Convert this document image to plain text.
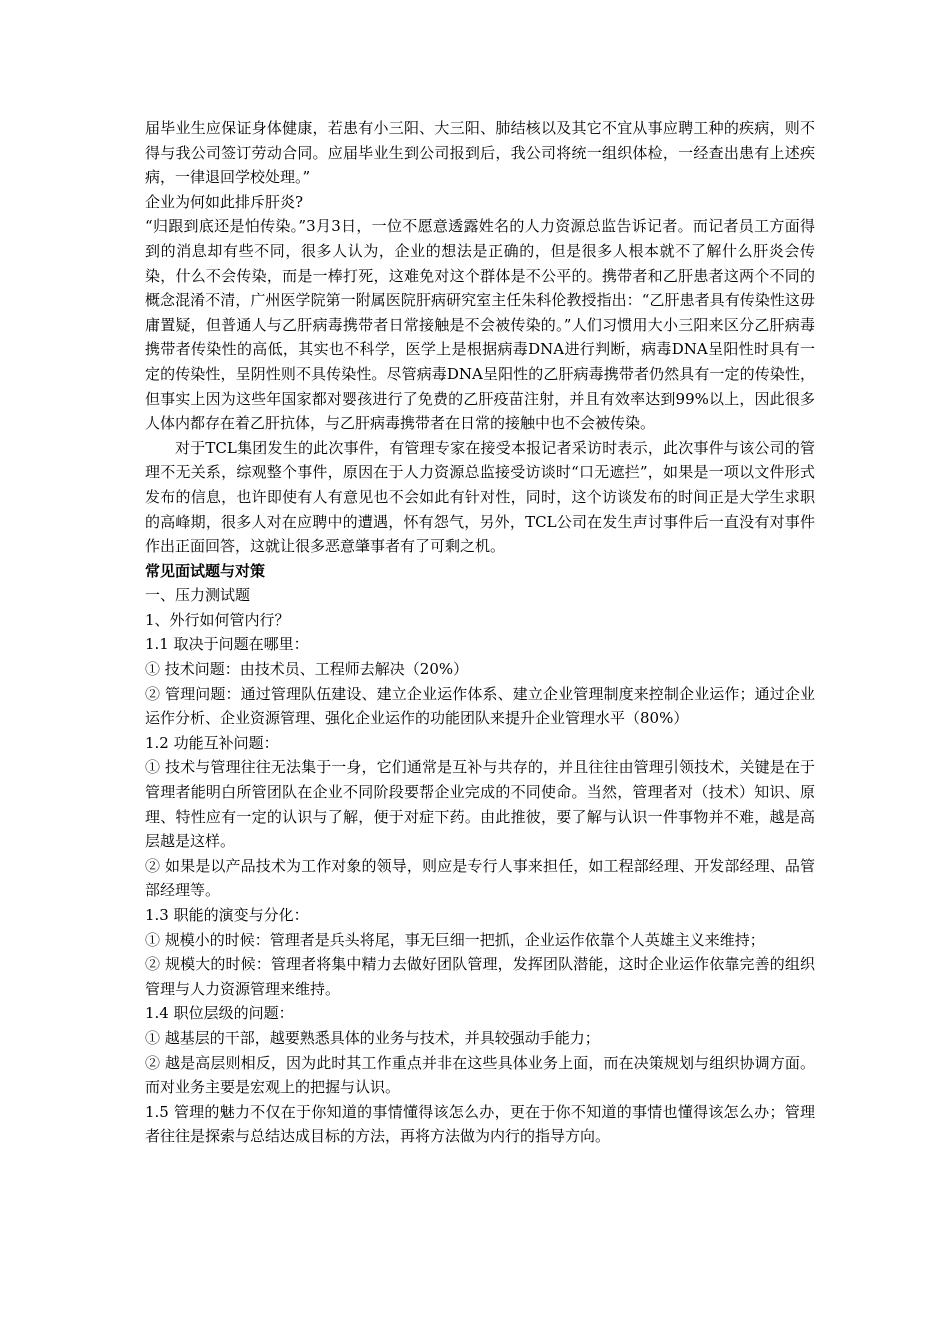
届毕业生应保证身体健康，若患有小三阳、大三阳、肺结核以及其它不宜从事应聘工种的疾病，则不得与我公司签订劳动合同。应届毕业生到公司报到后，我公司将统一组织体检，一经查出患有上述疾病，一律退回学校处理。”

企业为何如此排斥肝炎?

“归跟到底还是怕传染。”3月3日，一位不愿意透露姓名的人力资源总监告诉记者。而记者员工方面得到的消息却有些不同，很多人认为，企业的想法是正确的，但是很多人根本就不了解什么肝炎会传染，什么不会传染，而是一棒打死，这难免对这个群体是不公平的。携带者和乙肝患者这两个不同的概念混淆不清，广州医学院第一附属医院肝病研究室主任朱科伦教授指出：“乙肝患者具有传染性这毋庸置疑，但普通人与乙肝病毒携带者日常接触是不会被传染的。”人们习惯用大小三阳来区分乙肝病毒携带者传染性的高低，其实也不科学，医学上是根据病毒DNA进行判断，病毒DNA呈阳性时具有一定的传染性，呈阴性则不具传染性。尽管病毒DNA呈阳性的乙肝病毒携带者仍然具有一定的传染性，但事实上因为这些年国家都对婴孩进行了免费的乙肝疫苗注射，并且有效率达到99%以上，因此很多人体内都存在着乙肝抗体，与乙肝病毒携带者在日常的接触中也不会被传染。

对于TCL集团发生的此次事件，有管理专家在接受本报记者采访时表示，此次事件与该公司的管理不无关系，综观整个事件，原因在于人力资源总监接受访谈时“口无遮拦”，如果是一项以文件形式发布的信息，也许即使有人有意见也不会如此有针对性，同时，这个访谈发布的时间正是大学生求职的高峰期，很多人对在应聘中的遭遇，怀有怨气，另外，TCL公司在发生声讨事件后一直没有对事件作出正面回答，这就让很多恶意肇事者有了可剩之机。

常见面试题与对策

一、压力测试题

1、外行如何管内行？

1.1 取决于问题在哪里：

① 技术问题：由技术员、工程师去解决（20%）

② 管理问题：通过管理队伍建设、建立企业运作体系、建立企业管理制度来控制企业运作；通过企业运作分析、企业资源管理、强化企业运作的功能团队来提升企业管理水平（80%）

1.2 功能互补问题：

① 技术与管理往往无法集于一身，它们通常是互补与共存的，并且往往由管理引领技术，关键是在于管理者能明白所管团队在企业不同阶段要帮企业完成的不同使命。当然，管理者对（技术）知识、原理、特性应有一定的认识与了解，便于对症下药。由此推彼，要了解与认识一件事物并不难，越是高层越是这样。

② 如果是以产品技术为工作对象的领导，则应是专行人事来担任，如工程部经理、开发部经理、品管部经理等。

1.3 职能的演变与分化：

① 规模小的时候：管理者是兵头将尾，事无巨细一把抓，企业运作依靠个人英雄主义来维持；

② 规模大的时候：管理者将集中精力去做好团队管理，发挥团队潜能，这时企业运作依靠完善的组织管理与人力资源管理来维持。

1.4 职位层级的问题：

① 越基层的干部，越要熟悉具体的业务与技术，并具较强动手能力；

② 越是高层则相反，因为此时其工作重点并非在这些具体业务上面，而在决策规划与组织协调方面。而对业务主要是宏观上的把握与认识。

1.5 管理的魅力不仅在于你知道的事情懂得该怎么办，更在于你不知道的事情也懂得该怎么办；管理者往往是探索与总结达成目标的方法，再将方法做为内行的指导方向。
